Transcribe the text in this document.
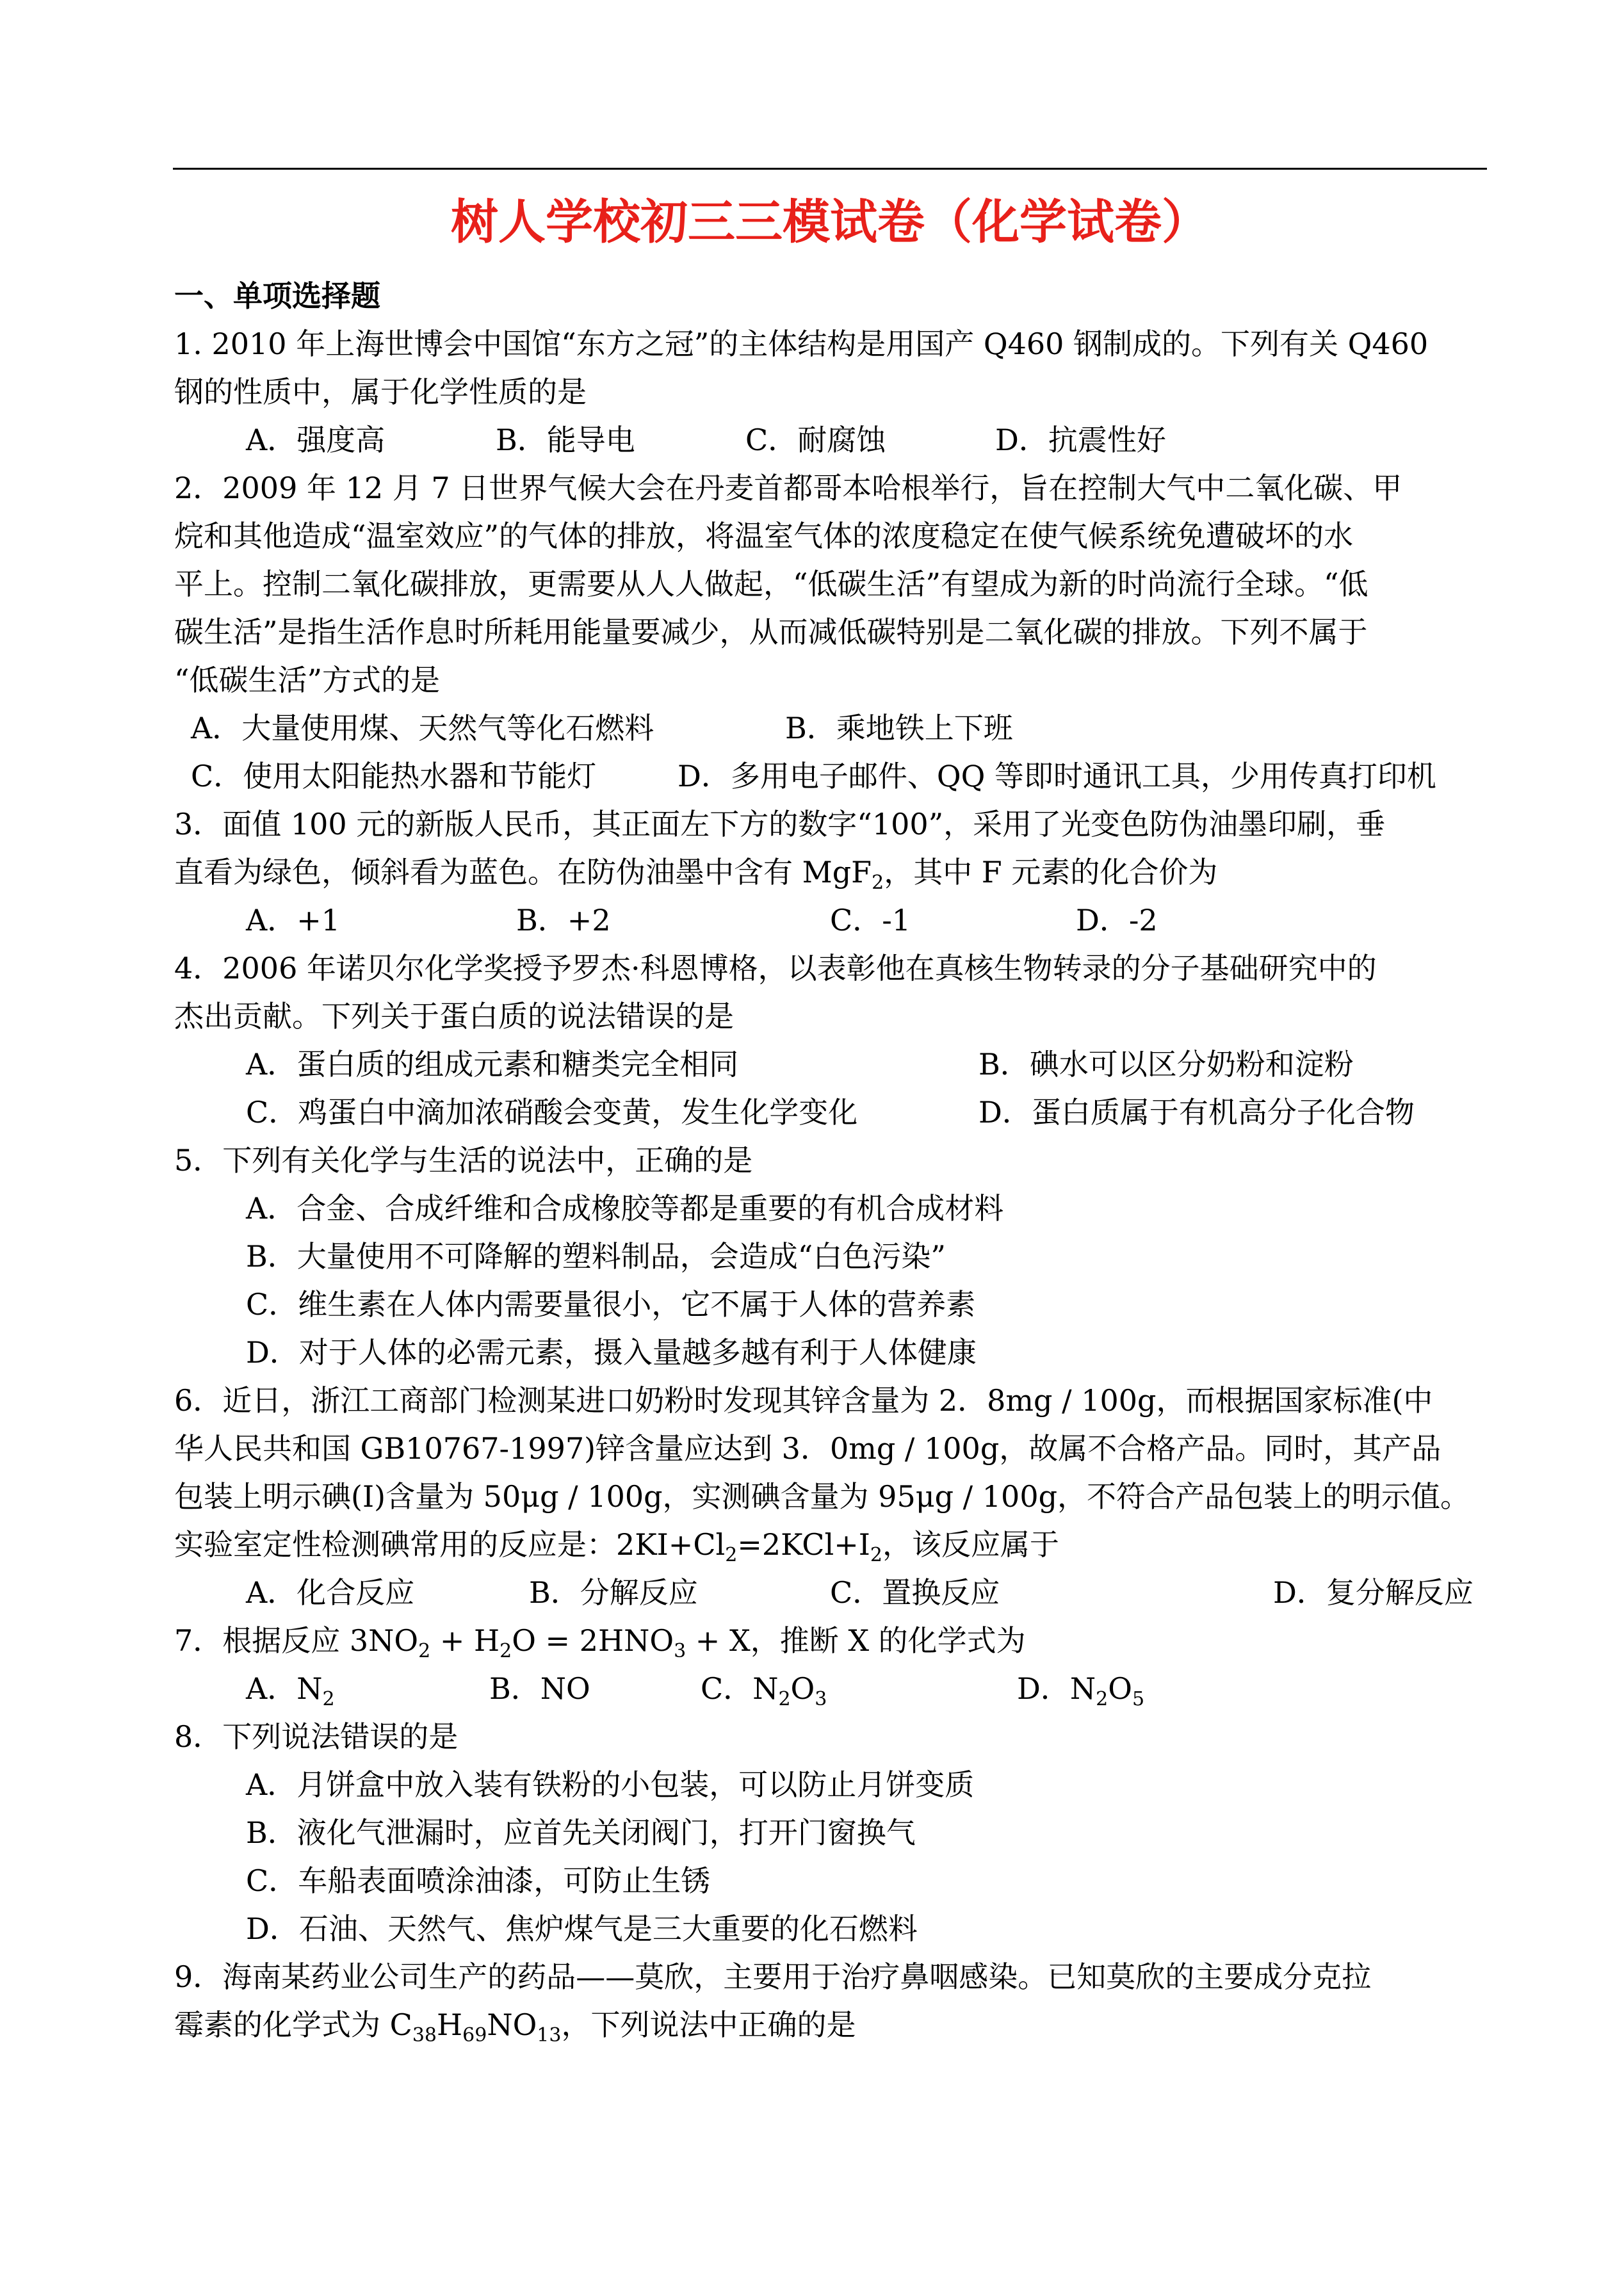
树人学校初三三模试卷（化学试卷）
一、单项选择题
1. 2010 年上海世博会中国馆“东方之冠”的主体结构是用国产 Q460 钢制成的。下列有关 Q460
钢的性质中，属于化学性质的是
A．强度高	B．能导电	C．耐腐蚀	D．抗震性好
2．2009 年 12 月 7 日世界气候大会在丹麦首都哥本哈根举行，旨在控制大气中二氧化碳、甲
烷和其他造成“温室效应”的气体的排放，将温室气体的浓度稳定在使气候系统免遭破坏的水
平上。控制二氧化碳排放，更需要从人人做起，“低碳生活”有望成为新的时尚流行全球。“低
碳生活”是指生活作息时所耗用能量要减少，从而减低碳特别是二氧化碳的排放。下列不属于
“低碳生活”方式的是
A．大量使用煤、天然气等化石燃料	B．乘地铁上下班
C．使用太阳能热水器和节能灯	D．多用电子邮件、QQ 等即时通讯工具，少用传真打印机
3．面值 100 元的新版人民币，其正面左下方的数字“100”，采用了光变色防伪油墨印刷，垂
直看为绿色，倾斜看为蓝色。在防伪油墨中含有 MgF$_2$，其中 F 元素的化合价为
A．+1	B．+2	C．-1	D．-2
4．2006 年诺贝尔化学奖授予罗杰·科恩博格，以表彰他在真核生物转录的分子基础研究中的
杰出贡献。下列关于蛋白质的说法错误的是
A．蛋白质的组成元素和糖类完全相同	B．碘水可以区分奶粉和淀粉
C．鸡蛋白中滴加浓硝酸会变黄，发生化学变化	D．蛋白质属于有机高分子化合物
5．下列有关化学与生活的说法中，正确的是
A．合金、合成纤维和合成橡胶等都是重要的有机合成材料
B．大量使用不可降解的塑料制品，会造成“白色污染”
C．维生素在人体内需要量很小，它不属于人体的营养素
D．对于人体的必需元素，摄入量越多越有利于人体健康
6．近日，浙江工商部门检测某进口奶粉时发现其锌含量为 2．8mg / 100g，而根据国家标准(中
华人民共和国 GB10767-1997)锌含量应达到 3．0mg / 100g，故属不合格产品。同时，其产品
包装上明示碘(I)含量为 50μg / 100g，实测碘含量为 95μg / 100g，不符合产品包装上的明示值。
实验室定性检测碘常用的反应是：$2KI+Cl_2=2KCl+I_2$，该反应属于
A．化合反应	B．分解反应	C．置换反应	D．复分解反应
7．根据反应 $3NO_2 + H_2O = 2HNO_3 + X$，推断 X 的化学式为
A．$N_2$	B．NO	C．$N_2O_3$	D．$N_2O_5$
8．下列说法错误的是
A．月饼盒中放入装有铁粉的小包装，可以防止月饼变质
B．液化气泄漏时，应首先关闭阀门，打开门窗换气
C．车船表面喷涂油漆，可防止生锈
D．石油、天然气、焦炉煤气是三大重要的化石燃料
9．海南某药业公司生产的药品——莫欣，主要用于治疗鼻咽感染。已知莫欣的主要成分克拉
霉素的化学式为 $C_{38}H_{69}NO_{13}$，下列说法中正确的是
